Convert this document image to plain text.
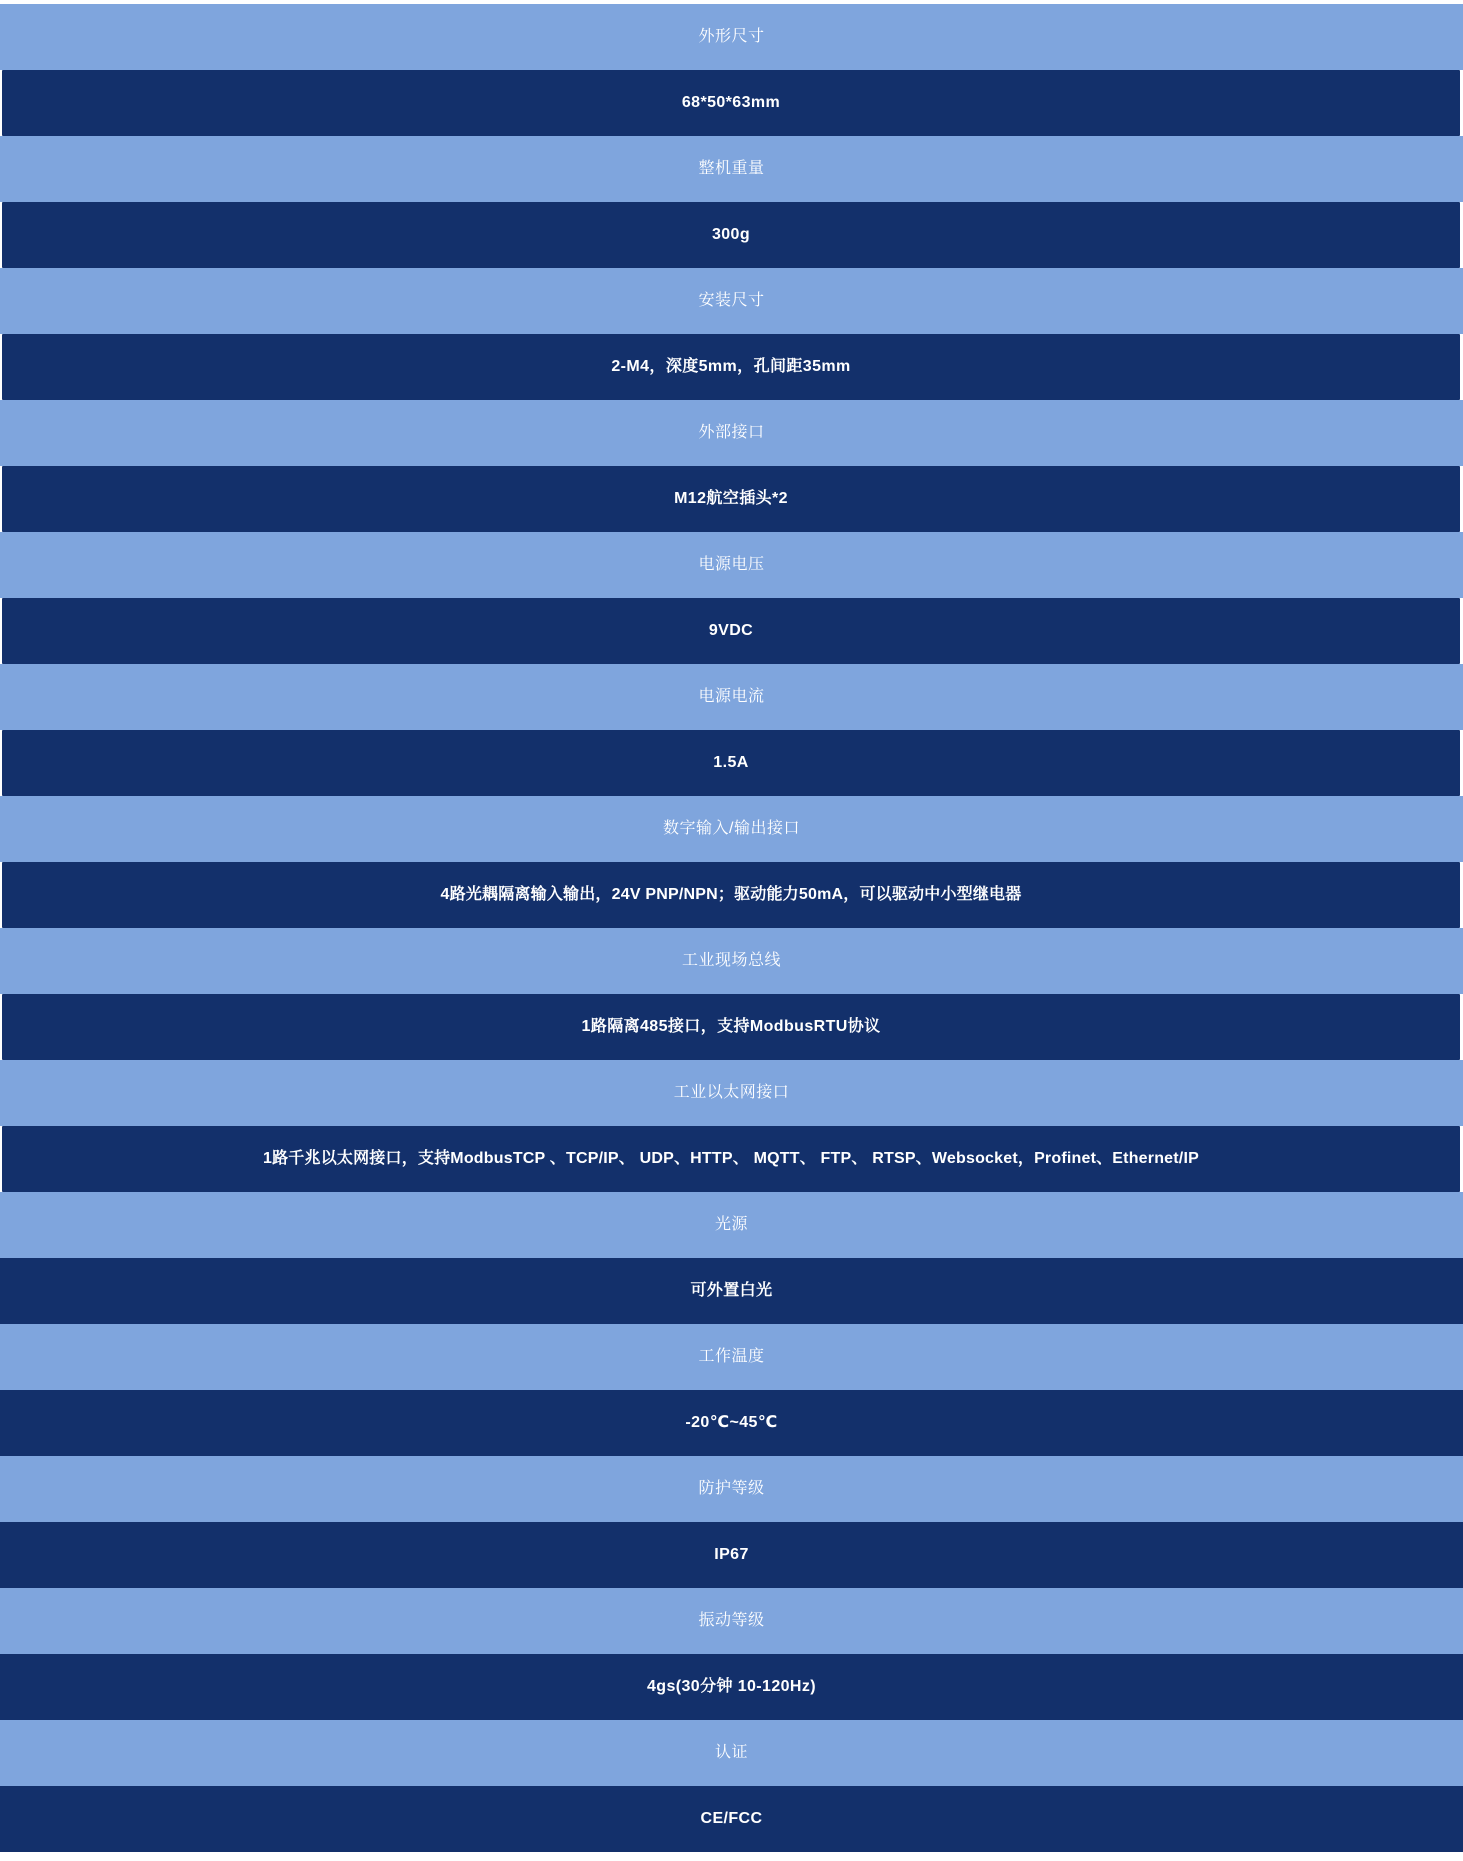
外形尺寸
68*50*63mm
整机重量
300g
安装尺寸
2-M4，深度5mm，孔间距35mm
外部接口
M12航空插头*2
电源电压
9VDC
电源电流
1.5A
数字输入/输出接口
4路光耦隔离输入输出，24V PNP/NPN；驱动能力50mA，可以驱动中小型继电器
工业现场总线
1路隔离485接口，支持ModbusRTU协议
工业以太网接口
1路千兆以太网接口，支持ModbusTCP 、TCP/IP、 UDP、HTTP、 MQTT、 FTP、 RTSP、Websocket，Profinet、Ethernet/IP
光源
可外置白光
工作温度
-20℃~45℃
防护等级
IP67
振动等级
4gs(30分钟 10-120Hz)
认证
CE/FCC
